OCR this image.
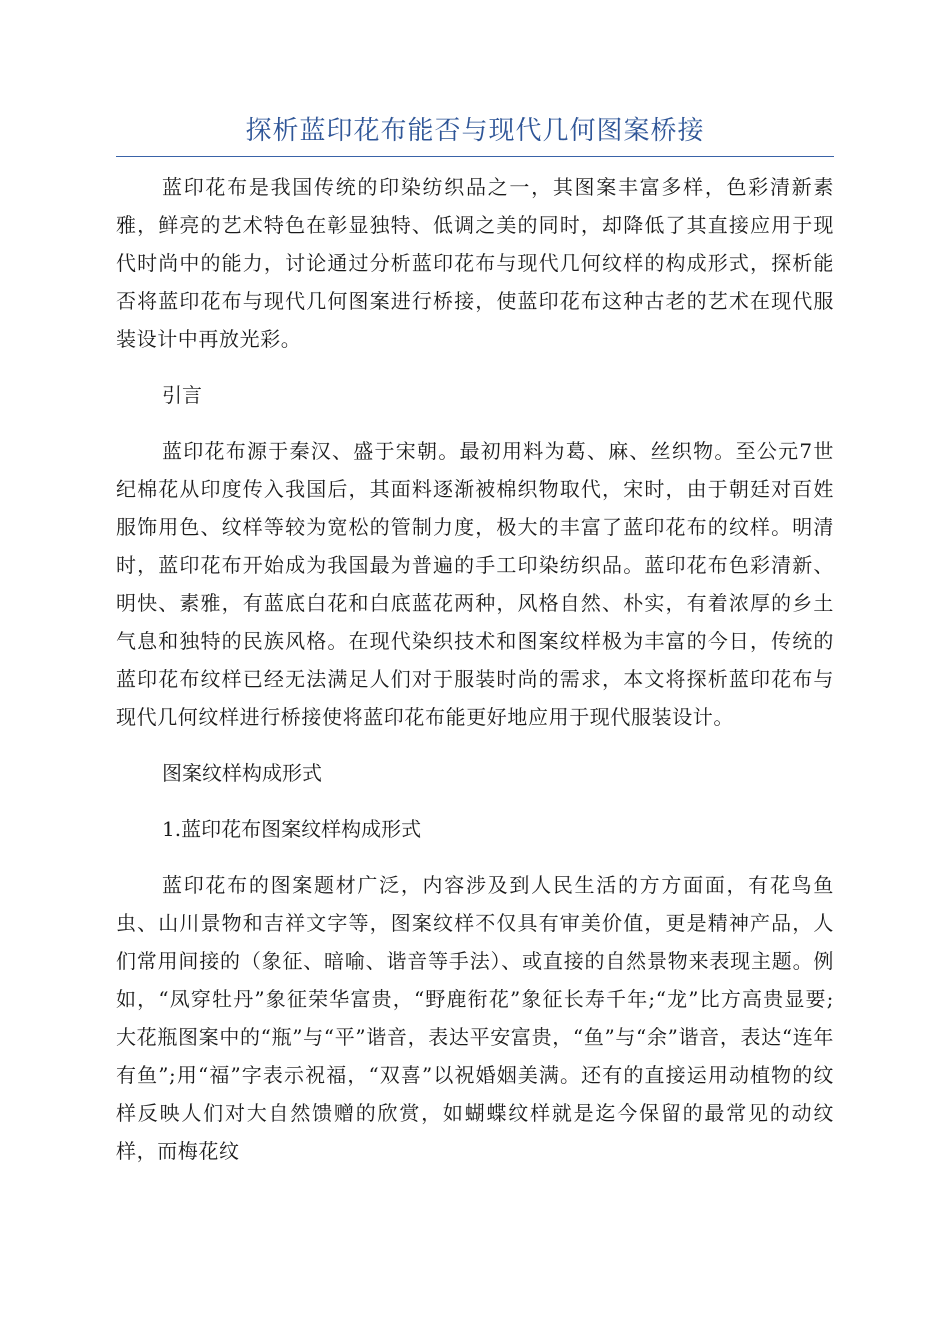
探析蓝印花布能否与现代几何图案桥接

蓝印花布是我国传统的印染纺织品之一，其图案丰富多样，色彩清新素雅，鲜亮的艺术特色在彰显独特、低调之美的同时，却降低了其直接应用于现代时尚中的能力，讨论通过分析蓝印花布与现代几何纹样的构成形式，探析能否将蓝印花布与现代几何图案进行桥接，使蓝印花布这种古老的艺术在现代服装设计中再放光彩。

引言

蓝印花布源于秦汉、盛于宋朝。最初用料为葛、麻、丝织物。至公元7世纪棉花从印度传入我国后，其面料逐渐被棉织物取代，宋时，由于朝廷对百姓服饰用色、纹样等较为宽松的管制力度，极大的丰富了蓝印花布的纹样。明清时，蓝印花布开始成为我国最为普遍的手工印染纺织品。蓝印花布色彩清新、明快、素雅，有蓝底白花和白底蓝花两种，风格自然、朴实，有着浓厚的乡土气息和独特的民族风格。在现代染织技术和图案纹样极为丰富的今日，传统的蓝印花布纹样已经无法满足人们对于服装时尚的需求，本文将探析蓝印花布与现代几何纹样进行桥接使将蓝印花布能更好地应用于现代服装设计。

图案纹样构成形式

1.蓝印花布图案纹样构成形式

蓝印花布的图案题材广泛，内容涉及到人民生活的方方面面，有花鸟鱼虫、山川景物和吉祥文字等，图案纹样不仅具有审美价值，更是精神产品，人们常用间接的（象征、暗喻、谐音等手法）、或直接的自然景物来表现主题。例如，“凤穿牡丹”象征荣华富贵，“野鹿衔花”象征长寿千年;“龙”比方高贵显要;大花瓶图案中的“瓶”与“平”谐音，表达平安富贵，“鱼”与“余”谐音，表达“连年有鱼”;用“福”字表示祝福，“双喜”以祝婚姻美满。还有的直接运用动植物的纹样反映人们对大自然馈赠的欣赏，如蝴蝶纹样就是迄今保留的最常见的动纹样，而梅花纹
